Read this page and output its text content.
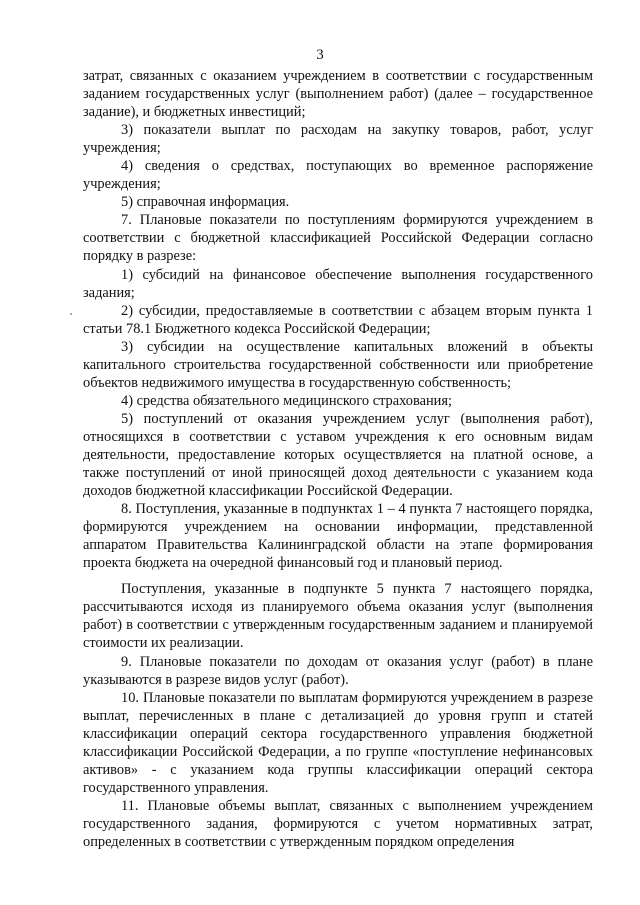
3

затрат, связанных с оказанием учреждением в соответствии с государственным заданием государственных услуг (выполнением работ) (далее – государственное задание), и бюджетных инвестиций;

3) показатели выплат по расходам на закупку товаров, работ, услуг учреждения;

4) сведения о средствах, поступающих во временное распоряжение учреждения;

5) справочная информация.

7. Плановые показатели по поступлениям формируются учреждением в соответствии с бюджетной классификацией Российской Федерации согласно порядку в разрезе:

1) субсидий на финансовое обеспечение выполнения государственного задания;

2) субсидии, предоставляемые в соответствии с абзацем вторым пункта 1 статьи 78.1 Бюджетного кодекса Российской Федерации;

3) субсидии на осуществление капитальных вложений в объекты капитального строительства государственной собственности или приобретение объектов недвижимого имущества в государственную собственность;

4) средства обязательного медицинского страхования;

5) поступлений от оказания учреждением услуг (выполнения работ), относящихся в соответствии с уставом учреждения к его основным видам деятельности, предоставление которых осуществляется на платной основе, а также поступлений от иной приносящей доход деятельности с указанием кода доходов бюджетной классификации Российской Федерации.

8. Поступления, указанные в подпунктах 1 – 4 пункта 7 настоящего порядка, формируются учреждением на основании информации, представленной аппаратом Правительства Калининградской области на этапе формирования проекта бюджета на очередной финансовый год и плановый период.

Поступления, указанные в подпункте 5 пункта 7 настоящего порядка, рассчитываются исходя из планируемого объема оказания услуг (выполнения работ) в соответствии с утвержденным государственным заданием и планируемой стоимости их реализации.

9. Плановые показатели по доходам от оказания услуг (работ) в плане указываются в разрезе видов услуг (работ).

10. Плановые показатели по выплатам формируются учреждением в разрезе выплат, перечисленных в плане с детализацией до уровня групп и статей классификации операций сектора государственного управления бюджетной классификации Российской Федерации, а по группе «поступление нефинансовых активов» - с указанием кода группы классификации операций сектора государственного управления.

11. Плановые объемы выплат, связанных с выполнением учреждением государственного задания, формируются с учетом нормативных затрат, определенных в соответствии с утвержденным порядком определения
